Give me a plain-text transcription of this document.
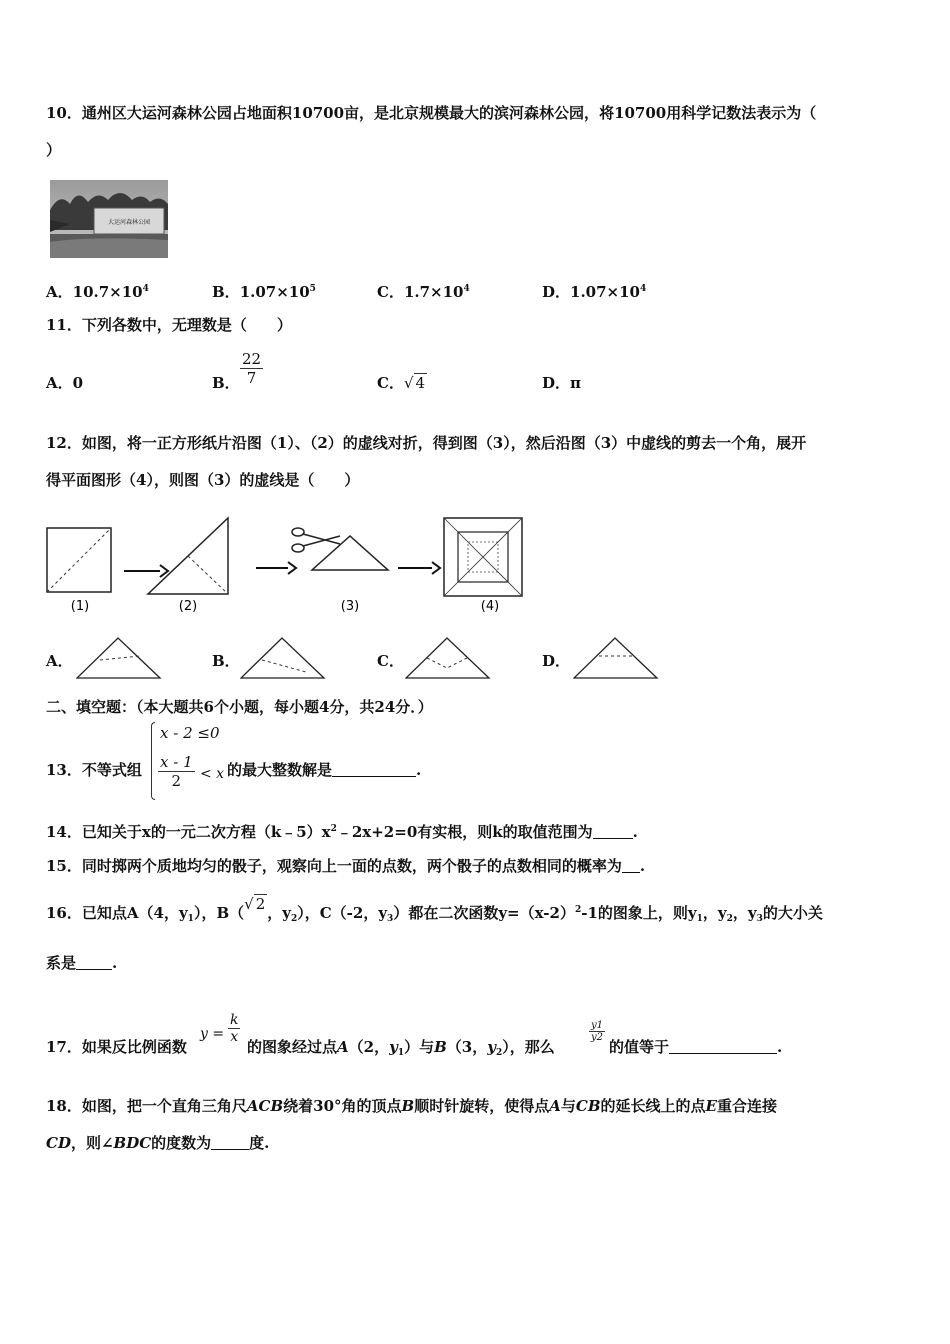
10．通州区大运河森林公园占地面积10700亩，是北京规模最大的滨河森林公园，将10700用科学记数法表示为（
）
大运河森林公园
A．$10.7\times 10^4$	B．$1.07\times 10^5$	C．$1.7\times 10^4$	D．$1.07\times 10^4$
11．下列各数中，无理数是（　　）
A．0	B． $\frac{22}{7}$	C．√ 4	D．π
12．如图，将一正方形纸片沿图（1）、（2）的虚线对折，得到图（3），然后沿图（3）中虚线的剪去一个角，展开
得平面图形（4），则图（3）的虚线是（　　）
(1)	(2)	(3)	(4)
A．	B．	C．	D．
二、填空题：（本大题共6个小题，每小题4分，共24分．）
13．不等式组
x - 2 ≤0
$\frac{x - 1}{2} < x$ 的最大整数解是	.
14．已知关于x的一元二次方程$(k﹣5)x^2﹣2x+2=0$有实根，则k的取值范围为	.
15．同时掷两个质地均匀的骰子，观察向上一面的点数，两个骰子的点数相同的概率为 .
16．已知点A（4，$y_1$），B（√ 2 ，$y_2$），C（-2，$y_3$）都在二次函数$y=(x-2)^2-1$的图象上，则$y_1$，$y_2$，$y_3$的大小关
系是 .
17．如果反比例函数
$y = \frac{k}{x}$
的图象经过点A（2，$y_1$）与B（3，$y_2$），那么
$\frac{y1}{y2}$
的值等于	.
18．如图，把一个直角三角尺ACB绕着30°角的顶点B顺时针旋转，使得点A与CB的延长线上的点E重合连接
CD，则∠BDC的度数为	度.
